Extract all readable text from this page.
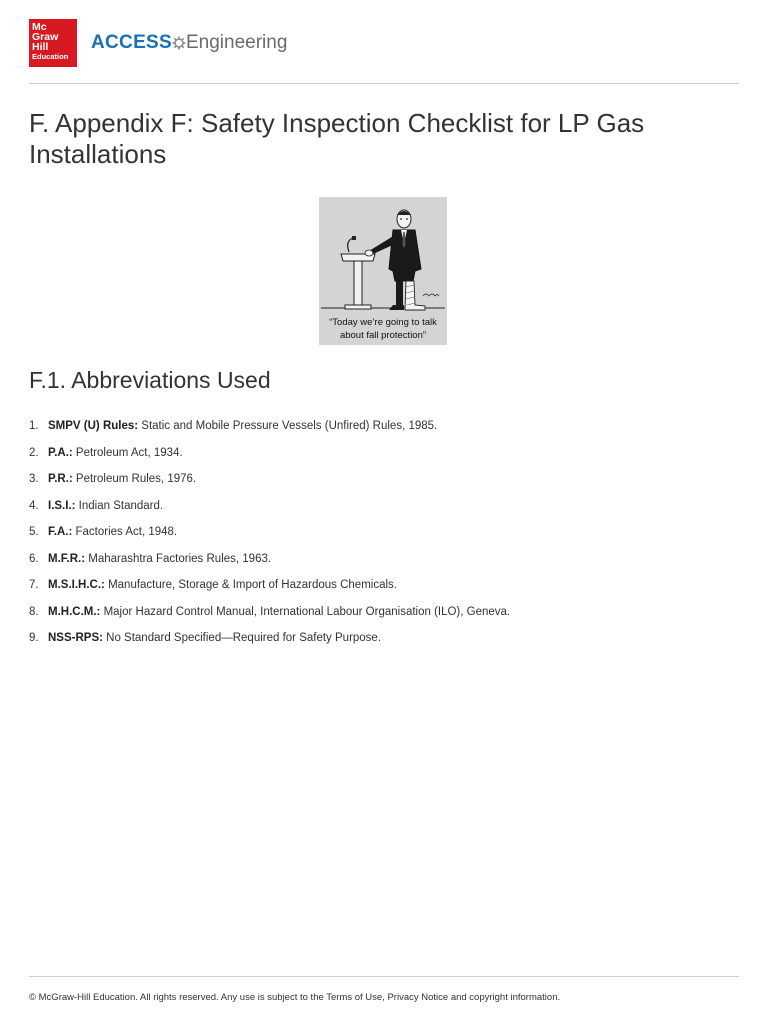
Mc
Graw
Hill
Education
ACCESS Engineering
F. Appendix F: Safety Inspection Checklist for LP Gas Installations
“Today we’re going to talk
about fall protection”
F.1. Abbreviations Used
1. SMPV (U) Rules: Static and Mobile Pressure Vessels (Unfired) Rules, 1985.
2. P.A.: Petroleum Act, 1934.
3. P.R.: Petroleum Rules, 1976.
4. I.S.I.: Indian Standard.
5. F.A.: Factories Act, 1948.
6. M.F.R.: Maharashtra Factories Rules, 1963.
7. M.S.I.H.C.: Manufacture, Storage & Import of Hazardous Chemicals.
8. M.H.C.M.: Major Hazard Control Manual, International Labour Organisation (ILO), Geneva.
9. NSS-RPS: No Standard Specified—Required for Safety Purpose.
© McGraw-Hill Education. All rights reserved. Any use is subject to the Terms of Use, Privacy Notice and copyright information.
